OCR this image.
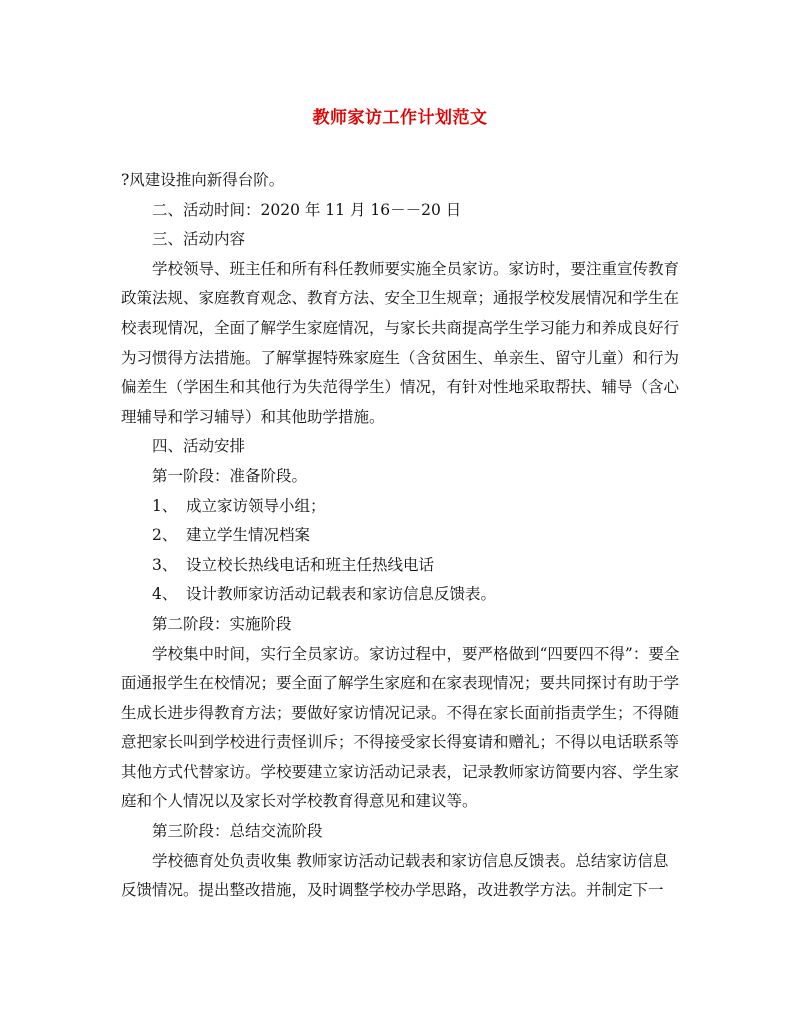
教师家访工作计划范文

?风建设推向新得台阶。

二、活动时间：2020 年 11 月 16－－20 日

三、活动内容

学校领导、班主任和所有科任教师要实施全员家访。家访时，要注重宣传教育政策法规、家庭教育观念、教育方法、安全卫生规章；通报学校发展情况和学生在校表现情况，全面了解学生家庭情况，与家长共商提高学生学习能力和养成良好行为习惯得方法措施。了解掌握特殊家庭生（含贫困生、单亲生、留守儿童）和行为偏差生（学困生和其他行为失范得学生）情况，有针对性地采取帮扶、辅导（含心理辅导和学习辅导）和其他助学措施。

四、活动安排

第一阶段：准备阶段。

1、 成立家访领导小组；

2、 建立学生情况档案

3、 设立校长热线电话和班主任热线电话

4、 设计教师家访活动记载表和家访信息反馈表。

第二阶段：实施阶段

学校集中时间，实行全员家访。家访过程中，要严格做到“四要四不得”：要全面通报学生在校情况；要全面了解学生家庭和在家表现情况；要共同探讨有助于学生成长进步得教育方法；要做好家访情况记录。不得在家长面前指责学生；不得随意把家长叫到学校进行责怪训斥；不得接受家长得宴请和赠礼；不得以电话联系等其他方式代替家访。学校要建立家访活动记录表，记录教师家访简要内容、学生家庭和个人情况以及家长对学校教育得意见和建议等。

第三阶段：总结交流阶段

学校德育处负责收集 教师家访活动记载表和家访信息反馈表。总结家访信息反馈情况。提出整改措施，及时调整学校办学思路，改进教学方法。并制定下一
